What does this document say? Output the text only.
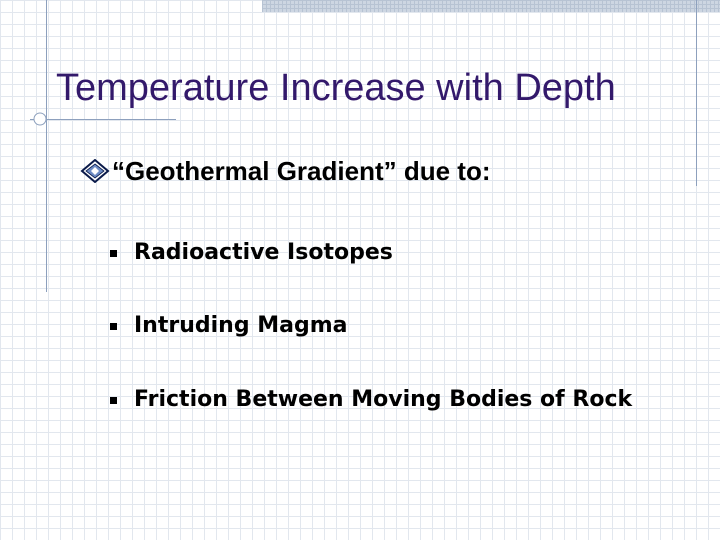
Temperature Increase with Depth

“Geothermal Gradient” due to:

Radioactive Isotopes
Intruding Magma
Friction Between Moving Bodies of Rock
